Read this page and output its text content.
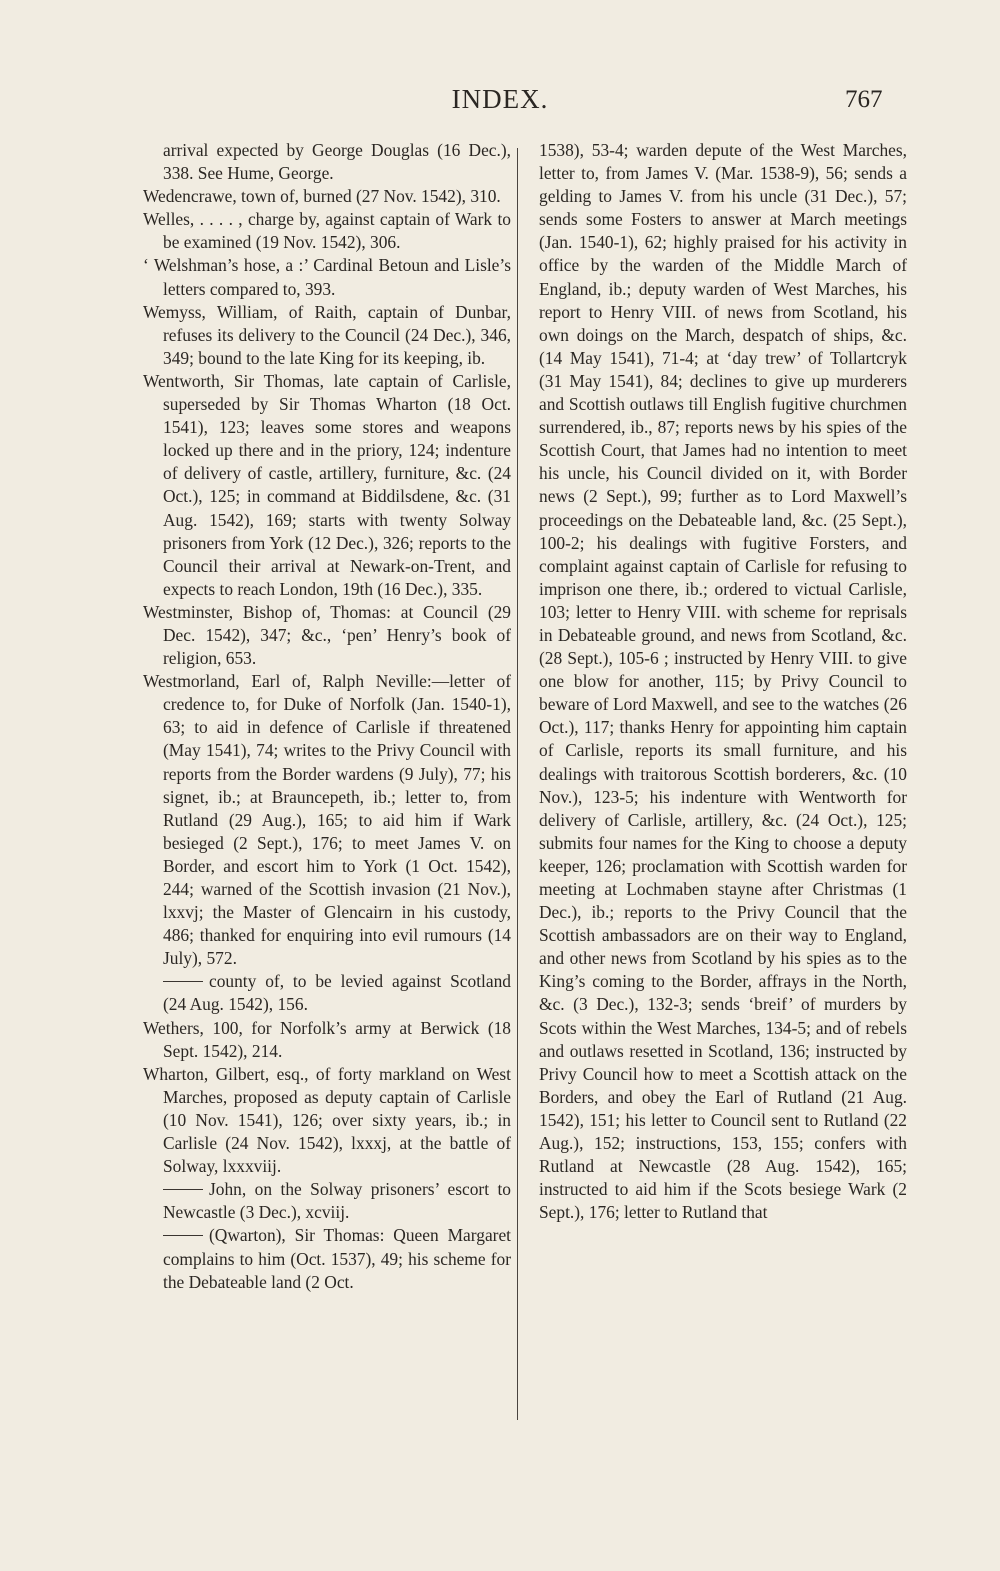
INDEX.	767

arrival expected by George Douglas (16 Dec.), 338. See Hume, George.

Wedencrawe, town of, burned (27 Nov. 1542), 310.

Welles, . . . . , charge by, against captain of Wark to be examined (19 Nov. 1542), 306.

‘ Welshman’s hose, a :’ Cardinal Betoun and Lisle’s letters compared to, 393.

Wemyss, William, of Raith, captain of Dunbar, refuses its delivery to the Council (24 Dec.), 346, 349; bound to the late King for its keeping, ib.

Wentworth, Sir Thomas, late captain of Carlisle, superseded by Sir Thomas Wharton (18 Oct. 1541), 123; leaves some stores and weapons locked up there and in the priory, 124; indenture of delivery of castle, artillery, furniture, &c. (24 Oct.), 125; in command at Biddilsdene, &c. (31 Aug. 1542), 169; starts with twenty Solway prisoners from York (12 Dec.), 326; reports to the Council their arrival at Newark-on-Trent, and expects to reach London, 19th (16 Dec.), 335.

Westminster, Bishop of, Thomas: at Council (29 Dec. 1542), 347; &c., ‘pen’ Henry’s book of religion, 653.

Westmorland, Earl of, Ralph Neville:—letter of credence to, for Duke of Norfolk (Jan. 1540-1), 63; to aid in defence of Carlisle if threatened (May 1541), 74; writes to the Privy Council with reports from the Border wardens (9 July), 77; his signet, ib.; at Brauncepeth, ib.; letter to, from Rutland (29 Aug.), 165; to aid him if Wark besieged (2 Sept.), 176; to meet James V. on Border, and escort him to York (1 Oct. 1542), 244; warned of the Scottish invasion (21 Nov.), lxxvj; the Master of Glencairn in his custody, 486; thanked for enquiring into evil rumours (14 July), 572.

county of, to be levied against Scotland (24 Aug. 1542), 156.

Wethers, 100, for Norfolk’s army at Berwick (18 Sept. 1542), 214.

Wharton, Gilbert, esq., of forty markland on West Marches, proposed as deputy captain of Carlisle (10 Nov. 1541), 126; over sixty years, ib.; in Carlisle (24 Nov. 1542), lxxxj, at the battle of Solway, lxxxviij.

John, on the Solway prisoners’ escort to Newcastle (3 Dec.), xcviij.

(Qwarton), Sir Thomas: Queen Margaret complains to him (Oct. 1537), 49; his scheme for the Debateable land (2 Oct.

1538), 53-4; warden depute of the West Marches, letter to, from James V. (Mar. 1538-9), 56; sends a gelding to James V. from his uncle (31 Dec.), 57; sends some Fosters to answer at March meetings (Jan. 1540-1), 62; highly praised for his activity in office by the warden of the Middle March of England, ib.; deputy warden of West Marches, his report to Henry VIII. of news from Scotland, his own doings on the March, despatch of ships, &c. (14 May 1541), 71-4; at ‘day trew’ of Tollartcryk (31 May 1541), 84; declines to give up murderers and Scottish outlaws till English fugitive churchmen surrendered, ib., 87; reports news by his spies of the Scottish Court, that James had no intention to meet his uncle, his Council divided on it, with Border news (2 Sept.), 99; further as to Lord Maxwell’s proceedings on the Debateable land, &c. (25 Sept.), 100-2; his dealings with fugitive Forsters, and complaint against captain of Carlisle for refusing to imprison one there, ib.; ordered to victual Carlisle, 103; letter to Henry VIII. with scheme for reprisals in Debateable ground, and news from Scotland, &c. (28 Sept.), 105-6 ; instructed by Henry VIII. to give one blow for another, 115; by Privy Council to beware of Lord Maxwell, and see to the watches (26 Oct.), 117; thanks Henry for appointing him captain of Carlisle, reports its small furniture, and his dealings with traitorous Scottish borderers, &c. (10 Nov.), 123-5; his indenture with Wentworth for delivery of Carlisle, artillery, &c. (24 Oct.), 125; submits four names for the King to choose a deputy keeper, 126; proclamation with Scottish warden for meeting at Lochmaben stayne after Christmas (1 Dec.), ib.; reports to the Privy Council that the Scottish ambassadors are on their way to England, and other news from Scotland by his spies as to the King’s coming to the Border, affrays in the North, &c. (3 Dec.), 132-3; sends ‘breif’ of murders by Scots within the West Marches, 134-5; and of rebels and outlaws resetted in Scotland, 136; instructed by Privy Council how to meet a Scottish attack on the Borders, and obey the Earl of Rutland (21 Aug. 1542), 151; his letter to Council sent to Rutland (22 Aug.), 152; instructions, 153, 155; confers with Rutland at Newcastle (28 Aug. 1542), 165; instructed to aid him if the Scots besiege Wark (2 Sept.), 176; letter to Rutland that
